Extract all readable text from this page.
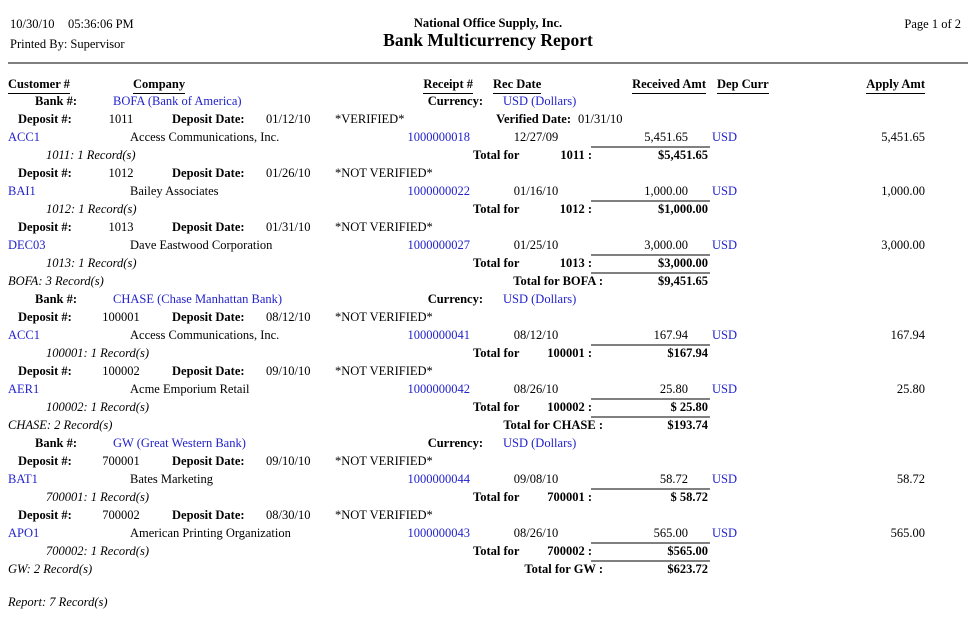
10/30/10 05:36:06 PM
Printed By: Supervisor
National Office Supply, Inc.
Bank Multicurrency Report
Page 1 of 2
Customer #	Company	Receipt # Rec Date	Received Amt Dep Curr	Apply Amt
Bank #:	BOFA (Bank of America)	Currency: USD (Dollars)
Deposit #:	1011	Deposit Date: 01/12/10 *VERIFIED*	Verified Date: 01/31/10
ACC1	Access Communications, Inc.	1000000018	12/27/09	5,451.65 USD	5,451.65
1011: 1 Record(s)	Total for	1011 :	$5,451.65
Deposit #:	1012	Deposit Date: 01/26/10 *NOT VERIFIED*
BAI1	Bailey Associates	1000000022	01/16/10	1,000.00 USD	1,000.00
1012: 1 Record(s)	Total for	1012 :	$1,000.00
Deposit #:	1013	Deposit Date: 01/31/10 *NOT VERIFIED*
DEC03	Dave Eastwood Corporation	1000000027	01/25/10	3,000.00 USD	3,000.00
1013: 1 Record(s)	Total for	1013 :	$3,000.00
BOFA: 3 Record(s)	Total for BOFA :	$9,451.65
Bank #:	CHASE (Chase Manhattan Bank)	Currency: USD (Dollars)
Deposit #:	100001	Deposit Date: 08/12/10 *NOT VERIFIED*
ACC1	Access Communications, Inc.	1000000041	08/12/10	167.94 USD	167.94
100001: 1 Record(s)	Total for 100001 :	$167.94
Deposit #:	100002	Deposit Date: 09/10/10 *NOT VERIFIED*
AER1	Acme Emporium Retail	1000000042	08/26/10	25.80 USD	25.80
100002: 1 Record(s)	Total for 100002 :	$ 25.80
CHASE: 2 Record(s)	Total for CHASE :	$193.74
Bank #:	GW (Great Western Bank)	Currency: USD (Dollars)
Deposit #:	700001	Deposit Date: 09/10/10 *NOT VERIFIED*
BAT1	Bates Marketing	1000000044	09/08/10	58.72 USD	58.72
700001: 1 Record(s)	Total for 700001 :	$ 58.72
Deposit #:	700002	Deposit Date: 08/30/10 *NOT VERIFIED*
APO1	American Printing Organization	1000000043	08/26/10	565.00 USD	565.00
700002: 1 Record(s)	Total for 700002 :	$565.00
GW: 2 Record(s)	Total for GW :	$623.72
Report: 7 Record(s)
